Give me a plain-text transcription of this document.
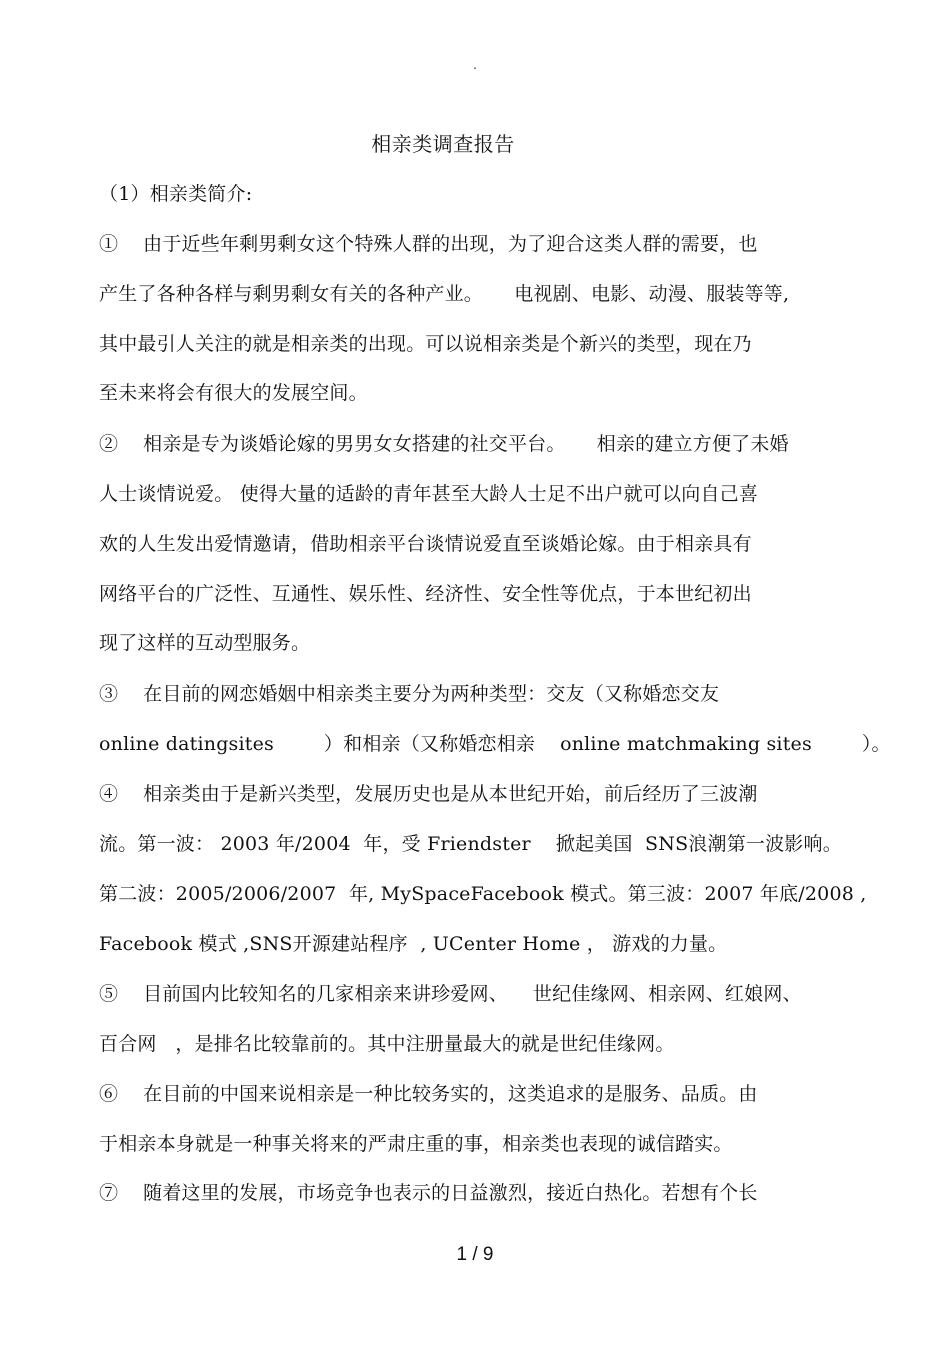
.
相亲类调查报告
（1）相亲类简介:
①    由于近些年剩男剩女这个特殊人群的出现，为了迎合这类人群的需要，也
产生了各种各样与剩男剩女有关的各种产业。     电视剧、电影、动漫、服装等等,
其中最引人关注的就是相亲类的出现。可以说相亲类是个新兴的类型，现在乃
至未来将会有很大的发展空间。
②    相亲是专为谈婚论嫁的男男女女搭建的社交平台。     相亲的建立方便了未婚
人士谈情说爱。 使得大量的适龄的青年甚至大龄人士足不出户就可以向自己喜
欢的人生发出爱情邀请，借助相亲平台谈情说爱直至谈婚论嫁。由于相亲具有
网络平台的广泛性、互通性、娱乐性、经济性、安全性等优点，于本世纪初出
现了这样的互动型服务。
③    在目前的网恋婚姻中相亲类主要分为两种类型：交友（又称婚恋交友
online datingsites        ）和相亲（又称婚恋相亲    online matchmaking sites        ）。
④    相亲类由于是新兴类型，发展历史也是从本世纪开始，前后经历了三波潮
流。第一波： 2003 年/2004  年，受 Friendster    掀起美国  SNS浪潮第一波影响。
第二波：2005/2006/2007  年, MySpaceFacebook 模式。第三波：2007 年底/2008 ,
Facebook 模式 ,SNS开源建站程序  , UCenter Home ， 游戏的力量。
⑤    目前国内比较知名的几家相亲来讲珍爱网、    世纪佳缘网、相亲网、红娘网、
百合网   ，是排名比较靠前的。其中注册量最大的就是世纪佳缘网。
⑥    在目前的中国来说相亲是一种比较务实的，这类追求的是服务、品质。由
于相亲本身就是一种事关将来的严肃庄重的事，相亲类也表现的诚信踏实。
⑦    随着这里的发展，市场竞争也表示的日益激烈，接近白热化。若想有个长
1 / 9
